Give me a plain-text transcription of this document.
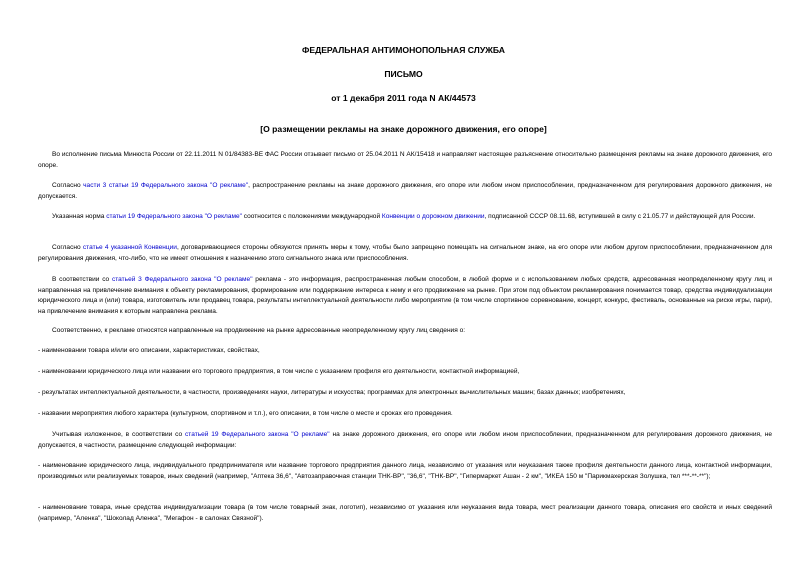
ФЕДЕРАЛЬНАЯ АНТИМОНОПОЛЬНАЯ СЛУЖБА
ПИСЬМО
от 1 декабря 2011 года N АК/44573
[О размещении рекламы на знаке дорожного движения, его опоре]

Во исполнение письма Минюста России от 22.11.2011 N 01/84383-ВЕ ФАС России отзывает письмо от 25.04.2011 N АК/15418 и направляет настоящее разъяснение относительно размещения рекламы на знаке дорожного движения, его опоре.

Согласно части 3 статьи 19 Федерального закона "О рекламе", распространение рекламы на знаке дорожного движения, его опоре или любом ином приспособлении, предназначенном для регулирования дорожного движения, не допускается.

Указанная норма статьи 19 Федерального закона "О рекламе" соотносится с положениями международной Конвенции о дорожном движении, подписанной СССР 08.11.68, вступившей в силу с 21.05.77 и действующей для России.

Согласно статье 4 указанной Конвенции, договаривающиеся стороны обязуются принять меры к тому, чтобы было запрещено помещать на сигнальном знаке, на его опоре или любом другом приспособлении, предназначенном для регулирования движения, что-либо, что не имеет отношения к назначению этого сигнального знака или приспособления.

В соответствии со статьей 3 Федерального закона "О рекламе" реклама - это информация, распространенная любым способом, в любой форме и с использованием любых средств, адресованная неопределенному кругу лиц и направленная на привлечение внимания к объекту рекламирования, формирование или поддержание интереса к нему и его продвижение на рынке. При этом под объектом рекламирования понимается товар, средства индивидуализации юридического лица и (или) товара, изготовитель или продавец товара, результаты интеллектуальной деятельности либо мероприятие (в том числе спортивное соревнование, концерт, конкурс, фестиваль, основанные на риске игры, пари), на привлечение внимания к которым направлена реклама.

Соответственно, к рекламе относятся направленные на продвижение на рынке адресованные неопределенному кругу лиц сведения о:

- наименовании товара и/или его описании, характеристиках, свойствах,

- наименовании юридического лица или названии его торгового предприятия, в том числе с указанием профиля его деятельности, контактной информацией,

- результатах интеллектуальной деятельности, в частности, произведениях науки, литературы и искусства; программах для электронных вычислительных машин; базах данных; изобретениях,

- названии мероприятия любого характера (культурном, спортивном и т.п.), его описании, в том числе о месте и сроках его проведения.

Учитывая изложенное, в соответствии со статьей 19 Федерального закона "О рекламе" на знаке дорожного движения, его опоре или любом ином приспособлении, предназначенном для регулирования дорожного движения, не допускается, в частности, размещение следующей информации:

- наименование юридического лица, индивидуального предпринимателя или название торгового предприятия данного лица, независимо от указания или неуказания также профиля деятельности данного лица, контактной информации, производимых или реализуемых товаров, иных сведений (например, "Аптека 36,6", "Автозаправочная станции ТНК-ВР", "36,6", "ТНК-ВР", "Гипермаркет Ашан - 2 км", "ИКЕА 150 м "Парикмахерская Золушка, тел ***-**-**");

- наименование товара, иные средства индивидуализации товара (в том числе товарный знак, логотип), независимо от указания или неуказания вида товара, мест реализации данного товара, описания его свойств и иных сведений (например, "Аленка", "Шоколад Аленка", "Мегафон - в салонах Связной").
